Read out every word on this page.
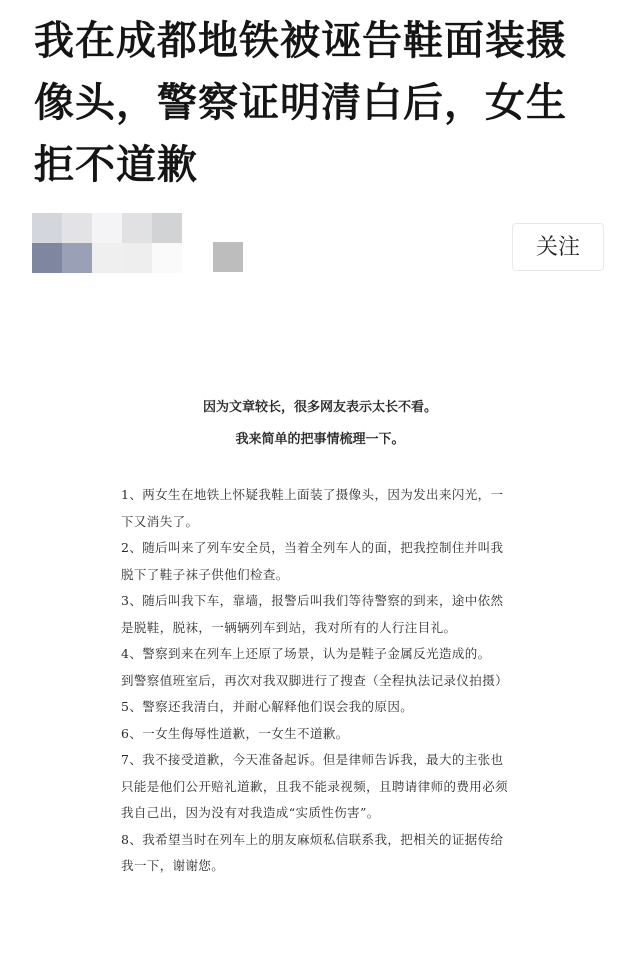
我在成都地铁被诬告鞋面装摄像头，警察证明清白后，女生拒不道歉
关注

因为文章较长，很多网友表示太长不看。

我来简单的把事情梳理一下。

1、两女生在地铁上怀疑我鞋上面装了摄像头，因为发出来闪光，一
下又消失了。
2、随后叫来了列车安全员，当着全列车人的面，把我控制住并叫我
脱下了鞋子袜子供他们检查。
3、随后叫我下车，靠墙，报警后叫我们等待警察的到来，途中依然
是脱鞋，脱袜，一辆辆列车到站，我对所有的人行注目礼。
4、警察到来在列车上还原了场景，认为是鞋子金属反光造成的。
到警察值班室后，再次对我双脚进行了搜查（全程执法记录仪拍摄）
5、警察还我清白，并耐心解释他们误会我的原因。
6、一女生侮辱性道歉，一女生不道歉。
7、我不接受道歉，今天准备起诉。但是律师告诉我，最大的主张也
只能是他们公开赔礼道歉，且我不能录视频，且聘请律师的费用必须
我自己出，因为没有对我造成“实质性伤害”。
8、我希望当时在列车上的朋友麻烦私信联系我，把相关的证据传给
我一下，谢谢您。
